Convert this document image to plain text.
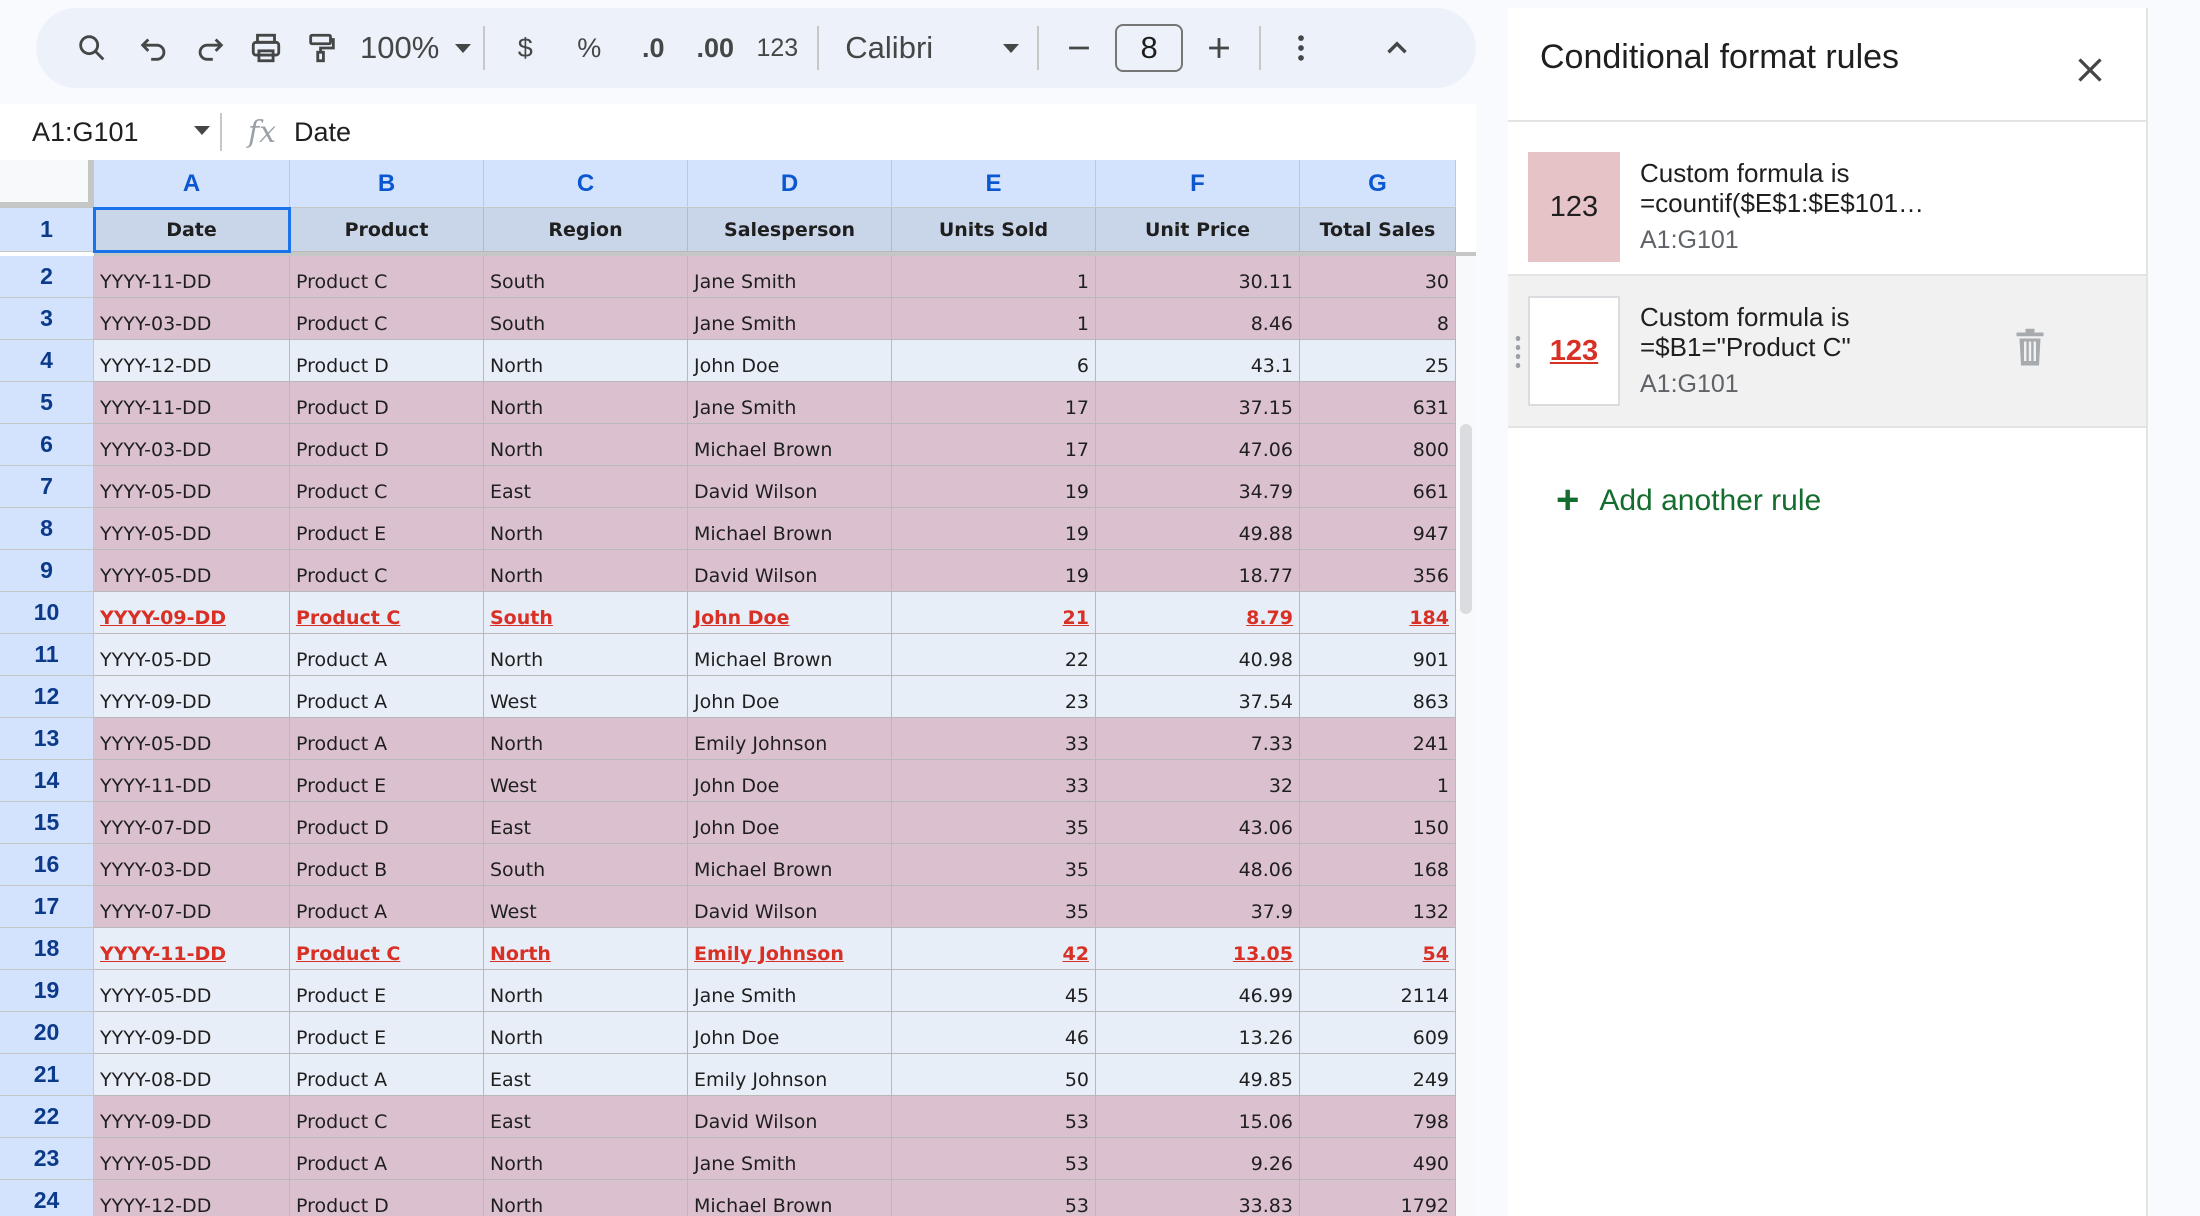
100%	$	%	.0 .00 123	Calibri	8
A1:G101	fx Date
A	B	C	D	E	F	G
1	Date	Product	Region	Salesperson	Units Sold	Unit Price	Total Sales
2	YYYY-11-DD	Product C	South	Jane Smith	1	30.11	30
3	YYYY-03-DD	Product C	South	Jane Smith	1	8.46	8
4	YYYY-12-DD	Product D	North	John Doe	6	43.1	25
5	YYYY-11-DD	Product D	North	Jane Smith	17	37.15	631
6	YYYY-03-DD	Product D	North	Michael Brown	17	47.06	800
7	YYYY-05-DD	Product C	East	David Wilson	19	34.79	661
8	YYYY-05-DD	Product E	North	Michael Brown	19	49.88	947
9	YYYY-05-DD	Product C	North	David Wilson	19	18.77	356
10	YYYY-09-DD	Product C	South	John Doe	21	8.79	184
11	YYYY-05-DD	Product A	North	Michael Brown	22	40.98	901
12	YYYY-09-DD	Product A	West	John Doe	23	37.54	863
13	YYYY-05-DD	Product A	North	Emily Johnson	33	7.33	241
14	YYYY-11-DD	Product E	West	John Doe	33	32	1
15	YYYY-07-DD	Product D	East	John Doe	35	43.06	150
16	YYYY-03-DD	Product B	South	Michael Brown	35	48.06	168
17	YYYY-07-DD	Product A	West	David Wilson	35	37.9	132
18	YYYY-11-DD	Product C	North	Emily Johnson	42	13.05	54
19	YYYY-05-DD	Product E	North	Jane Smith	45	46.99	2114
20	YYYY-09-DD	Product E	North	John Doe	46	13.26	609
21	YYYY-08-DD	Product A	East	Emily Johnson	50	49.85	249
22	YYYY-09-DD	Product C	East	David Wilson	53	15.06	798
23	YYYY-05-DD	Product A	North	Jane Smith	53	9.26	490
24	YYYY-12-DD	Product D	North	Michael Brown	53	33.83	1792
Conditional format rules
123
Custom formula is
=countif($E$1:$E$101…
A1:G101
123
Custom formula is
=$B1="Product C"
A1:G101
+ Add another rule
